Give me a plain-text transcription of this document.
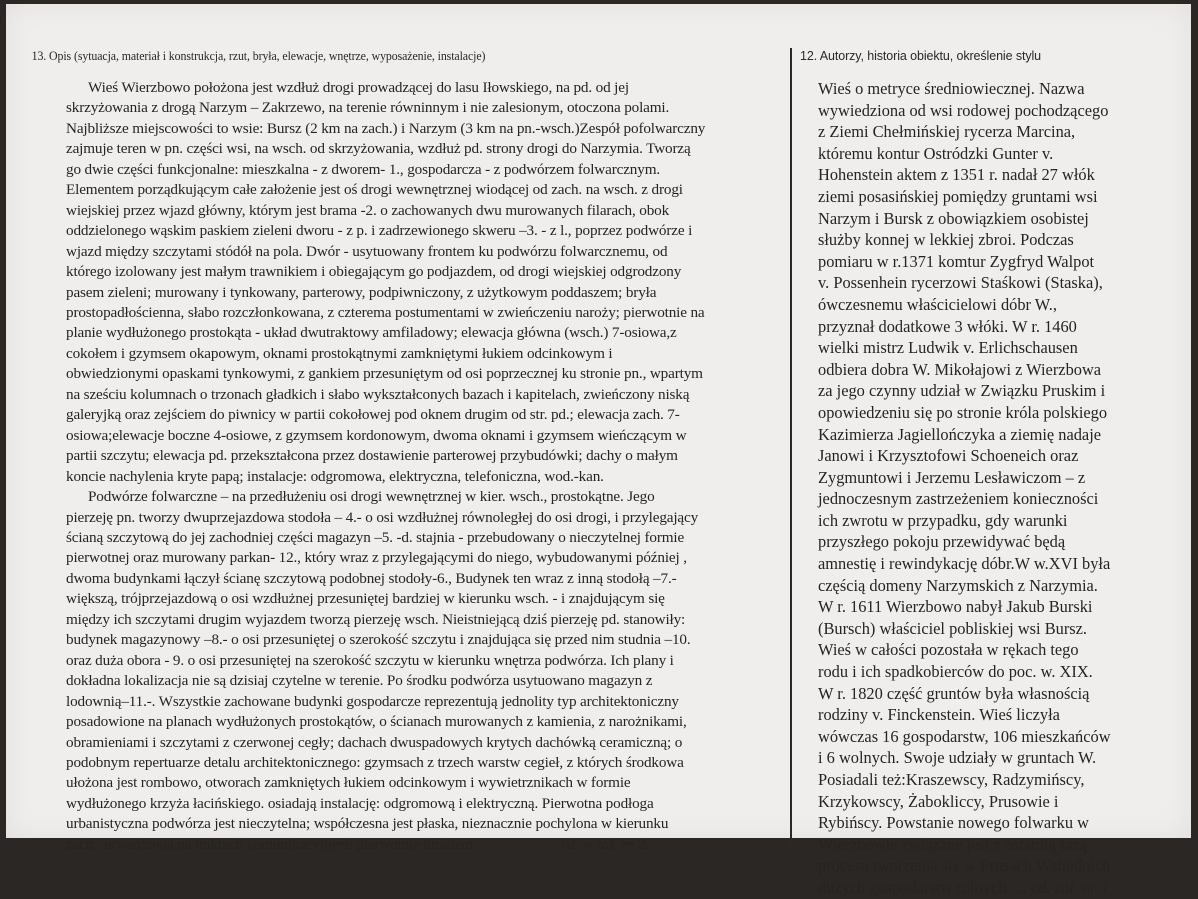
13. Opis (sytuacja, materiał i konstrukcja, rzut, bryła, elewacje, wnętrze, wyposażenie, instalacje)
Wieś Wierzbowo położona jest wzdłuż drogi prowadzącej do lasu Iłowskiego, na pd. od jej
skrzyżowania z drogą Narzym – Zakrzewo, na terenie równinnym i nie zalesionym, otoczona polami.
Najbliższe miejscowości to wsie: Bursz (2 km na zach.) i Narzym (3 km na pn.-wsch.)Zespół pofolwarczny
zajmuje teren w pn. części wsi, na wsch. od skrzyżowania, wzdłuż pd. strony drogi do Narzymia. Tworzą
go dwie części funkcjonalne: mieszkalna - z dworem- 1., gospodarcza - z podwórzem folwarcznym.
Elementem porządkującym całe założenie jest oś drogi wewnętrznej wiodącej od zach. na wsch. z drogi
wiejskiej przez wjazd główny, którym jest brama -2. o zachowanych dwu murowanych filarach, obok
oddzielonego wąskim paskiem zieleni dworu - z p. i zadrzewionego skweru –3. - z l., poprzez podwórze i
wjazd między szczytami stódół na pola. Dwór - usytuowany frontem ku podwórzu folwarcznemu, od
którego izolowany jest małym trawnikiem i obiegającym go podjazdem, od drogi wiejskiej odgrodzony
pasem zieleni; murowany i tynkowany, parterowy, podpiwniczony, z użytkowym poddaszem; bryła
prostopadłościenna, słabo rozczłonkowana, z czterema postumentami w zwieńczeniu naroży; pierwotnie na
planie wydłużonego prostokąta - układ dwutraktowy amfiladowy; elewacja główna (wsch.) 7-osiowa,z
cokołem i gzymsem okapowym, oknami prostokątnymi zamkniętymi łukiem odcinkowym i
obwiedzionymi opaskami tynkowymi, z gankiem przesuniętym od osi poprzecznej ku stronie pn., wpartym
na sześciu kolumnach o trzonach gładkich i słabo wykształconych bazach i kapitelach, zwieńczony niską
galeryjką oraz zejściem do piwnicy w partii cokołowej pod oknem drugim od str. pd.; elewacja zach. 7-
osiowa;elewacje boczne 4-osiowe, z gzymsem kordonowym, dwoma oknami i gzymsem wieńczącym w
partii szczytu; elewacja pd. przekształcona przez dostawienie parterowej przybudówki; dachy o małym
koncie nachylenia kryte papą; instalacje: odgromowa, elektryczna, telefoniczna, wod.-kan.
Podwórze folwarczne – na przedłużeniu osi drogi wewnętrznej w kier. wsch., prostokątne. Jego
pierzeję pn. tworzy dwuprzejazdowa stodoła – 4.- o osi wzdłużnej równoległej do osi drogi, i przylegający
ścianą szczytową do jej zachodniej części magazyn –5. -d. stajnia - przebudowany o nieczytelnej formie
pierwotnej oraz murowany parkan- 12., który wraz z przylegającymi do niego, wybudowanymi później ,
dwoma budynkami łączył ścianę szczytową podobnej stodoły-6., Budynek ten wraz z inną stodołą –7.-
większą, trójprzejazdową o osi wzdłużnej przesuniętej bardziej w kierunku wsch. - i znajdującym się
między ich szczytami drugim wyjazdem tworzą pierzeję wsch. Nieistniejącą dziś pierzeję pd. stanowiły:
budynek magazynowy –8.- o osi przesuniętej o szerokość szczytu i znajdująca się przed nim studnia –10.
oraz duża obora - 9. o osi przesuniętej na szerokość szczytu w kierunku wnętrza podwórza. Ich plany i
dokładna lokalizacja nie są dzisiaj czytelne w terenie. Po środku podwórza usytuowano magazyn z
lodownią–11.-. Wszystkie zachowane budynki gospodarcze reprezentują jednolity typ architektoniczny
posadowione na planach wydłużonych prostokątów, o ścianach murowanych z kamienia, z narożnikami,
obramieniami i szczytami z czerwonej cegły; dachach dwuspadowych krytych dachówką ceramiczną; o
podobnym repertuarze detalu architektonicznego: gzymsach z trzech warstw cegieł, z których środkowa
ułożona jest rombowo, otworach zamkniętych łukiem odcinkowym i wywietrznikach w formie
wydłużonego krzyża łacińskiego. osiadają instalację: odgromową i elektryczną. Pierwotna podłoga
urbanistyczna podwórza jest nieczytelna; współczesna jest płaska, nieznacznie pochylona w kierunku
zach., utwardzona na traktach komunikacyjnych pierwotnie brukiem ...	cd. w zał. nr 2.
12. Autorzy, historia obiektu, określenie stylu
Wieś o metryce średniowiecznej. Nazwa
wywiedziona od wsi rodowej pochodzącego
z Ziemi Chełmińskiej rycerza Marcina,
któremu kontur Ostródzki Gunter v.
Hohenstein aktem z 1351 r. nadał 27 włók
ziemi posasińskiej pomiędzy gruntami wsi
Narzym i Bursk z obowiązkiem osobistej
służby konnej w lekkiej zbroi. Podczas
pomiaru w r.1371 komtur Zygfryd Walpot
v. Possenhein rycerzowi Staśkowi (Staska),
ówczesnemu właścicielowi dóbr W.,
przyznał dodatkowe 3 włóki. W r. 1460
wielki mistrz Ludwik v. Erlichschausen
odbiera dobra W. Mikołajowi z Wierzbowa
za jego czynny udział w Związku Pruskim i
opowiedzeniu się po stronie króla polskiego
Kazimierza Jagiellończyka a ziemię nadaje
Janowi i Krzysztofowi Schoeneich oraz
Zygmuntowi i Jerzemu Lesławiczom – z
jednoczesnym zastrzeżeniem konieczności
ich zwrotu w przypadku, gdy warunki
przyszłego pokoju przewidywać będą
amnestię i rewindykację dóbr.W w.XVI była
częścią domeny Narzymskich z Narzymia.
W r. 1611 Wierzbowo nabył Jakub Burski
(Bursch) właściciel pobliskiej wsi Bursz.
Wieś w całości pozostała w rękach tego
rodu i ich spadkobierców do poc. w. XIX.
W r. 1820 część gruntów była własnością
rodziny v. Finckenstein. Wieś liczyła
wówczas 16 gospodarstw, 106 mieszkańców
i 6 wolnych. Swoje udziały w gruntach W.
Posiadali też:Kraszewscy, Radzymińscy,
Krzykowscy, Żabokliccy, Prusowie i
Rybińscy. Powstanie nowego folwarku w
Wierzbowie związane jest z ostatnią fazą
procesu tworzenia się w Prusach Wshodnich
dużych gospodarstw rolnych. ... cd. zał. nr 1
